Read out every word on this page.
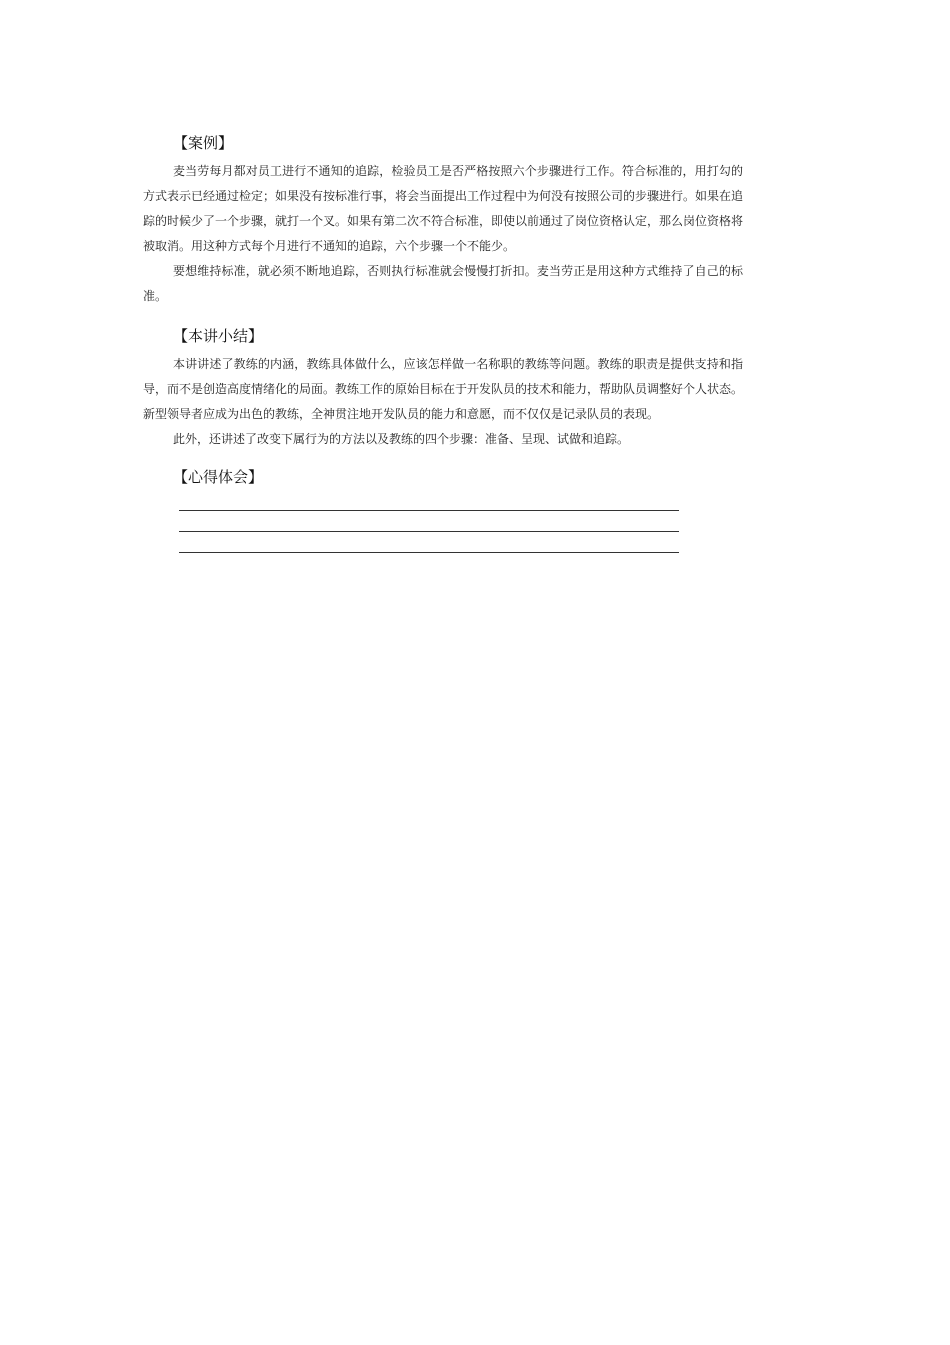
【案例】

麦当劳每月都对员工进行不通知的追踪，检验员工是否严格按照六个步骤进行工作。符合标准的，用打勾的方式表示已经通过检定；如果没有按标准行事，将会当面提出工作过程中为何没有按照公司的步骤进行。如果在追踪的时候少了一个步骤，就打一个叉。如果有第二次不符合标准，即使以前通过了岗位资格认定，那么岗位资格将被取消。用这种方式每个月进行不通知的追踪，六个步骤一个不能少。

要想维持标准，就必须不断地追踪，否则执行标准就会慢慢打折扣。麦当劳正是用这种方式维持了自己的标准。

【本讲小结】

本讲讲述了教练的内涵，教练具体做什么，应该怎样做一名称职的教练等问题。教练的职责是提供支持和指导，而不是创造高度情绪化的局面。教练工作的原始目标在于开发队员的技术和能力，帮助队员调整好个人状态。新型领导者应成为出色的教练，全神贯注地开发队员的能力和意愿，而不仅仅是记录队员的表现。

此外，还讲述了改变下属行为的方法以及教练的四个步骤：准备、呈现、试做和追踪。

【心得体会】
